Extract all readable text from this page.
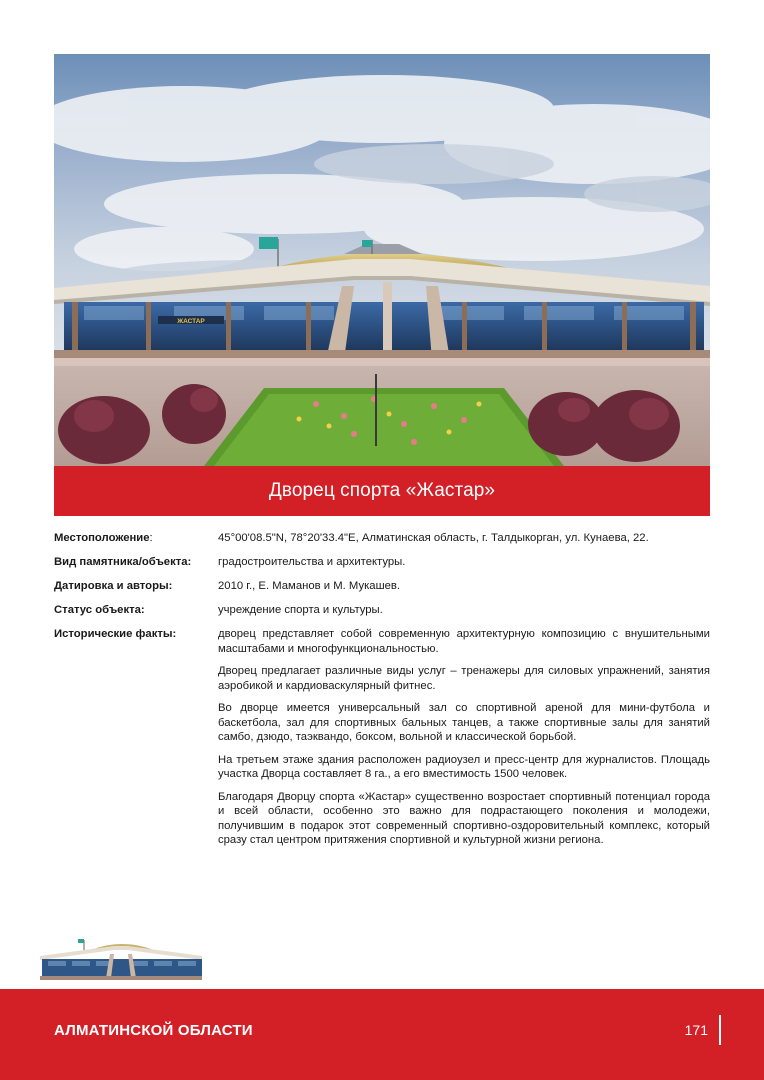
ЖАСТАР
Дворец спорта «Жастар»
Местоположение:	45°00'08.5"N, 78°20'33.4"E, Алматинская область, г. Талдыкорган, ул. Кунаева, 22.
Вид памятника/объекта:	градостроительства и архитектуры.
Датировка и авторы:	2010 г., Е. Маманов и М. Мукашев.
Статус объекта:	учреждение спорта и культуры.
Исторические факты:	дворец представляет собой современную архитектурную композицию с внушительными масштабами и многофункциональностью.

Дворец предлагает различные виды услуг – тренажеры для силовых упражнений, занятия аэробикой и кардиоваскулярный фитнес.

Во дворце имеется универсальный зал со спортивной ареной для мини-футбола и баскетбола, зал для спортивных бальных танцев, а также спортивные залы для занятий самбо, дзюдо, таэквандо, боксом, вольной и классической борьбой.

На третьем этаже здания расположен радиоузел и пресс-центр для журналистов. Площадь участка Дворца составляет 8 га., а его вместимость 1500 человек.

Благодаря Дворцу спорта «Жастар» существенно возростает спортивный потенциал города и всей области, особенно это важно для подрастающего поколения и молодежи, получившим в подарок этот современный спортивно-оздоровительный комплекс, который сразу стал центром притяжения спортивной и культурной жизни региона.

АЛМАТИНСКОЙ ОБЛАСТИ	171
